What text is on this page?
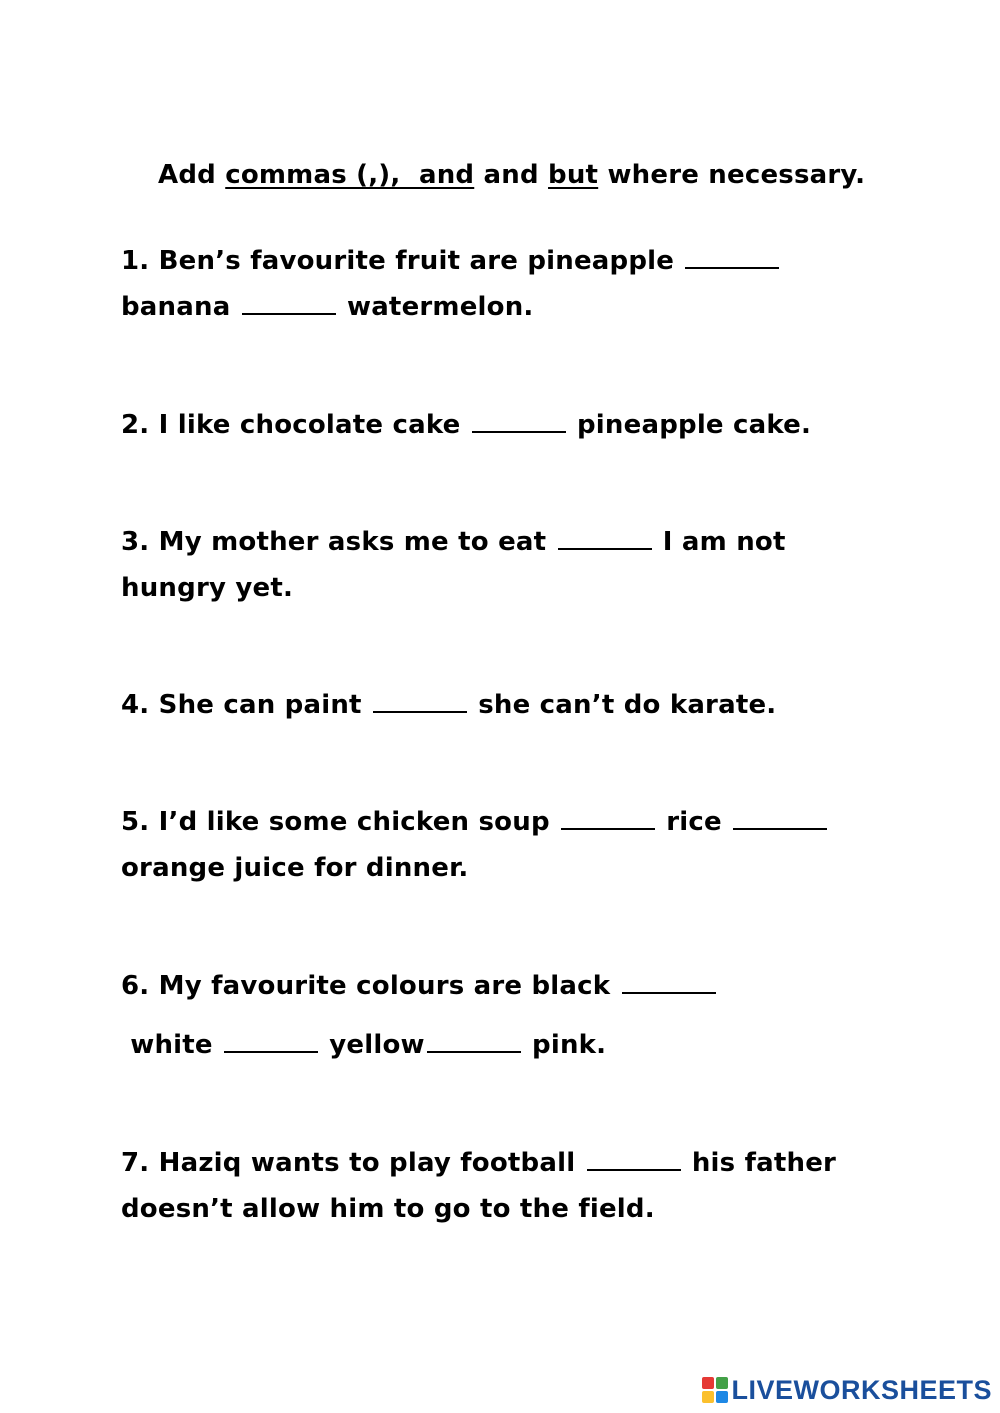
Add commas (,),  and and but where necessary.

1. Ben’s favourite fruit are pineapple
banana	watermelon.
2. I like chocolate cake	pineapple cake.
3. My mother asks me to eat	I am not
hungry yet.
4. She can paint	she can’t do karate.
5. I’d like some chicken soup	rice
orange juice for dinner.
6. My favourite colours are black
white	yellow	pink.
7. Haziq wants to play football	his father
doesn’t allow him to go to the field.
LIVEWORKSHEETS
